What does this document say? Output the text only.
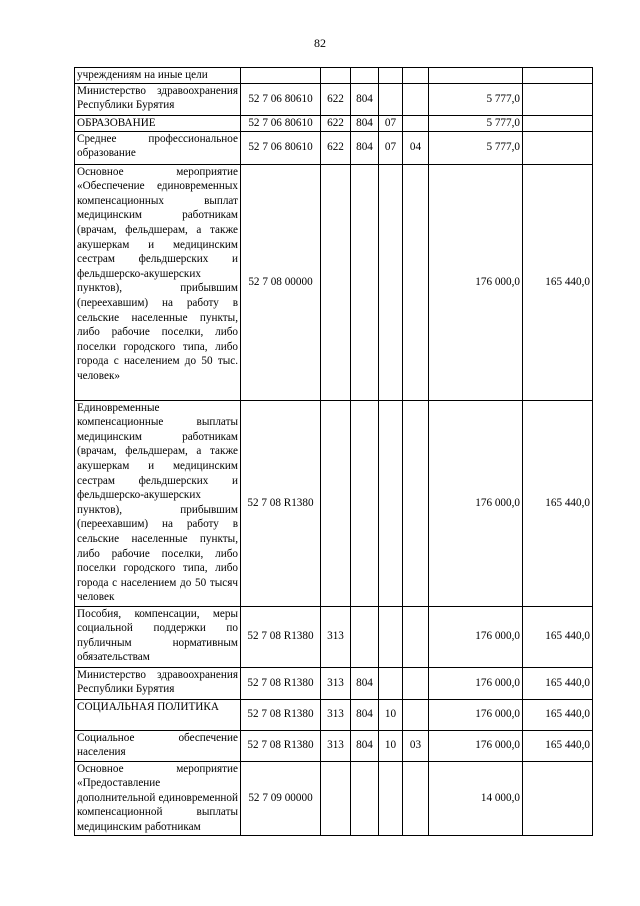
82
учреждениям на иные цели							
Министерство здравоохранения Республики Бурятия	52 7 06 80610	622	804			5 777,0	
ОБРАЗОВАНИЕ	52 7 06 80610	622	804	07		5 777,0	
Среднее профессиональное образование	52 7 06 80610	622	804	07	04	5 777,0	
Основное мероприятие «Обеспечение единовременных компенсационных выплат медицинским работникам (врачам, фельдшерам, а также акушеркам и медицинским сестрам фельдшерских и фельдшерско-акушерских пунктов), прибывшим (переехавшим) на работу в сельские населенные пункты, либо рабочие поселки, либо поселки городского типа, либо города с населением до 50 тыс. человек»	52 7 08 00000					176 000,0	165 440,0
Единовременные компенсационные выплаты медицинским работникам (врачам, фельдшерам, а также акушеркам и медицинским сестрам фельдшерских и фельдшерско-акушерских пунктов), прибывшим (переехавшим) на работу в сельские населенные пункты, либо рабочие поселки, либо поселки городского типа, либо города с населением до 50 тысяч человек	52 7 08 R1380					176 000,0	165 440,0
Пособия, компенсации, меры социальной поддержки по публичным нормативным обязательствам	52 7 08 R1380	313				176 000,0	165 440,0
Министерство здравоохранения Республики Бурятия	52 7 08 R1380	313	804			176 000,0	165 440,0
СОЦИАЛЬНАЯ ПОЛИТИКА	52 7 08 R1380	313	804	10		176 000,0	165 440,0
Социальное обеспечение населения	52 7 08 R1380	313	804	10	03	176 000,0	165 440,0
Основное мероприятие «Предоставление дополнительной единовременной компенсационной выплаты медицинским работникам	52 7 09 00000					14 000,0	
